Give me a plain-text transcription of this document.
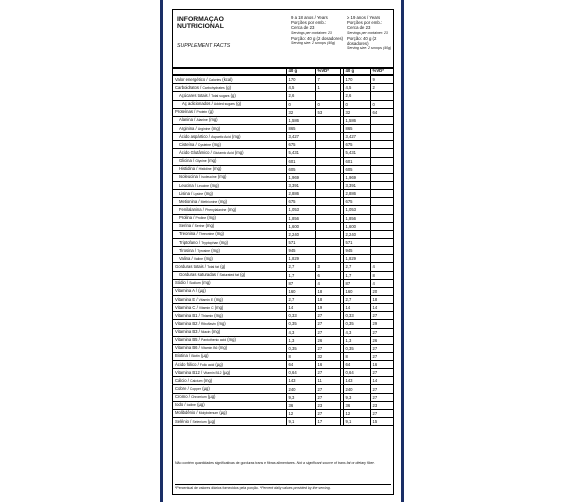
INFORMAÇÃO
NUTRICIONAL
SUPPLEMENT FACTS
9 a 18 anos / Years
Porções por emb.:
Cerca de 23
Servings per container: 23
Porção: 40 g (2 dosadores)
Serving size: 2 scoops (40g)
≥ 19 anos / Years
Porções por emb.:
Cerca de 23
Servings per container: 23
Porção: 40 g (2 dosadores)
Serving size: 2 scoops (40g)
	40 g	%VD*		40 g	%VD*
Valor energético / Calories (kcal)	170	7		170	9
Carboidratos / Carbohydrates (g)	4,5	1		4,5	2
Açúcares totais / Total sugars (g)	2,6			2,6	
Aç adicionados / Added sugars (g)	0	0		0	0
Proteínas / Protein (g)	32	53		32	64
Alanina / Alanine (mg)	1,586			1,586	
Arginina / Arginine (mg)	865			865	
Ácido aspártico / Aspartic Acid (mg)	3,427			3,427	
Cisteína / Cysteine (mg)	675			675	
Ácido Glutâmico / Glutamic Acid (mg)	5,431			5,431	
Glicina / Glycine (mg)	601			601	
Histidina / Histidine (mg)	605			605	
Isoleucina / Isoleucine (mg)	1,969			1,969	
Leucina / Leucine (mg)	3,391			3,391	
Lisina / Lysine (mg)	2,886			2,886	
Metionina / Methionine (mg)	675			675	
Fenilalanina / Phenylalanine (mg)	1,053			1,053	
Prolina / Proline (mg)	1,856			1,856	
Serina / Serine (mg)	1,600			1,600	
Treonina / Threonine (mg)	2,240			2,240	
Triptofano / Tryptophan (mg)	571			571	
Tirosina / Tyrosine (mg)	945			945	
Valina / Valine (mg)	1,829			1,829	
Gorduras totais / Total fat (g)	2,7	3		2,7	4
Gorduras saturadas / Saturated fat (g)	1,7	6		1,7	8
Sódio / Sodium (mg)	87	4		87	4
Vitamina A / (µg)	160	18		160	20
Vitamina E / Vitamin E (mg)	2,7	18		2,7	18
Vitamina C / Vitamin C (mg)	14	19		14	14
Vitamina B1 / Thiamin (mg)	0,33	27		0,33	27
Vitamina B2 / Riboflavin (mg)	0,35	27		0,35	29
Vitamina B3 / Niacin (mg)	4,3	27		4,3	27
Vitamina B5 / Pantothenic acid (mg)	1,3	26		1,3	26
Vitamina B6 / Vitamin B6 (mg)	0,35	27		0,35	27
Biotina / Biotin (µg)	8	32		8	27
Ácido fólico / Folic acid (µg)	64	16		64	16
Vitamina B12 / Vitamin B12 (µg)	0,64	27		0,64	27
Cálcio / Calcium (mg)	143	11		143	14
Cobre / Copper (µg)	240	27		240	27
Cromo / Chromium (µg)	9,3	27		9,3	27
Iodo / Iodine (µg)	36	23		36	23
Molibdênio / Molybdenum (µg)	12	27		12	27
Selênio / Selenium (µg)	9,1	17		9,1	15
Não contém quantidades significativas de gorduras trans e fibras alimentares. Not a significant source of trans fat or dietary fiber.
*Percentual de valores diários fornecidos pela porção. *Percent daily values provided by the serving.
